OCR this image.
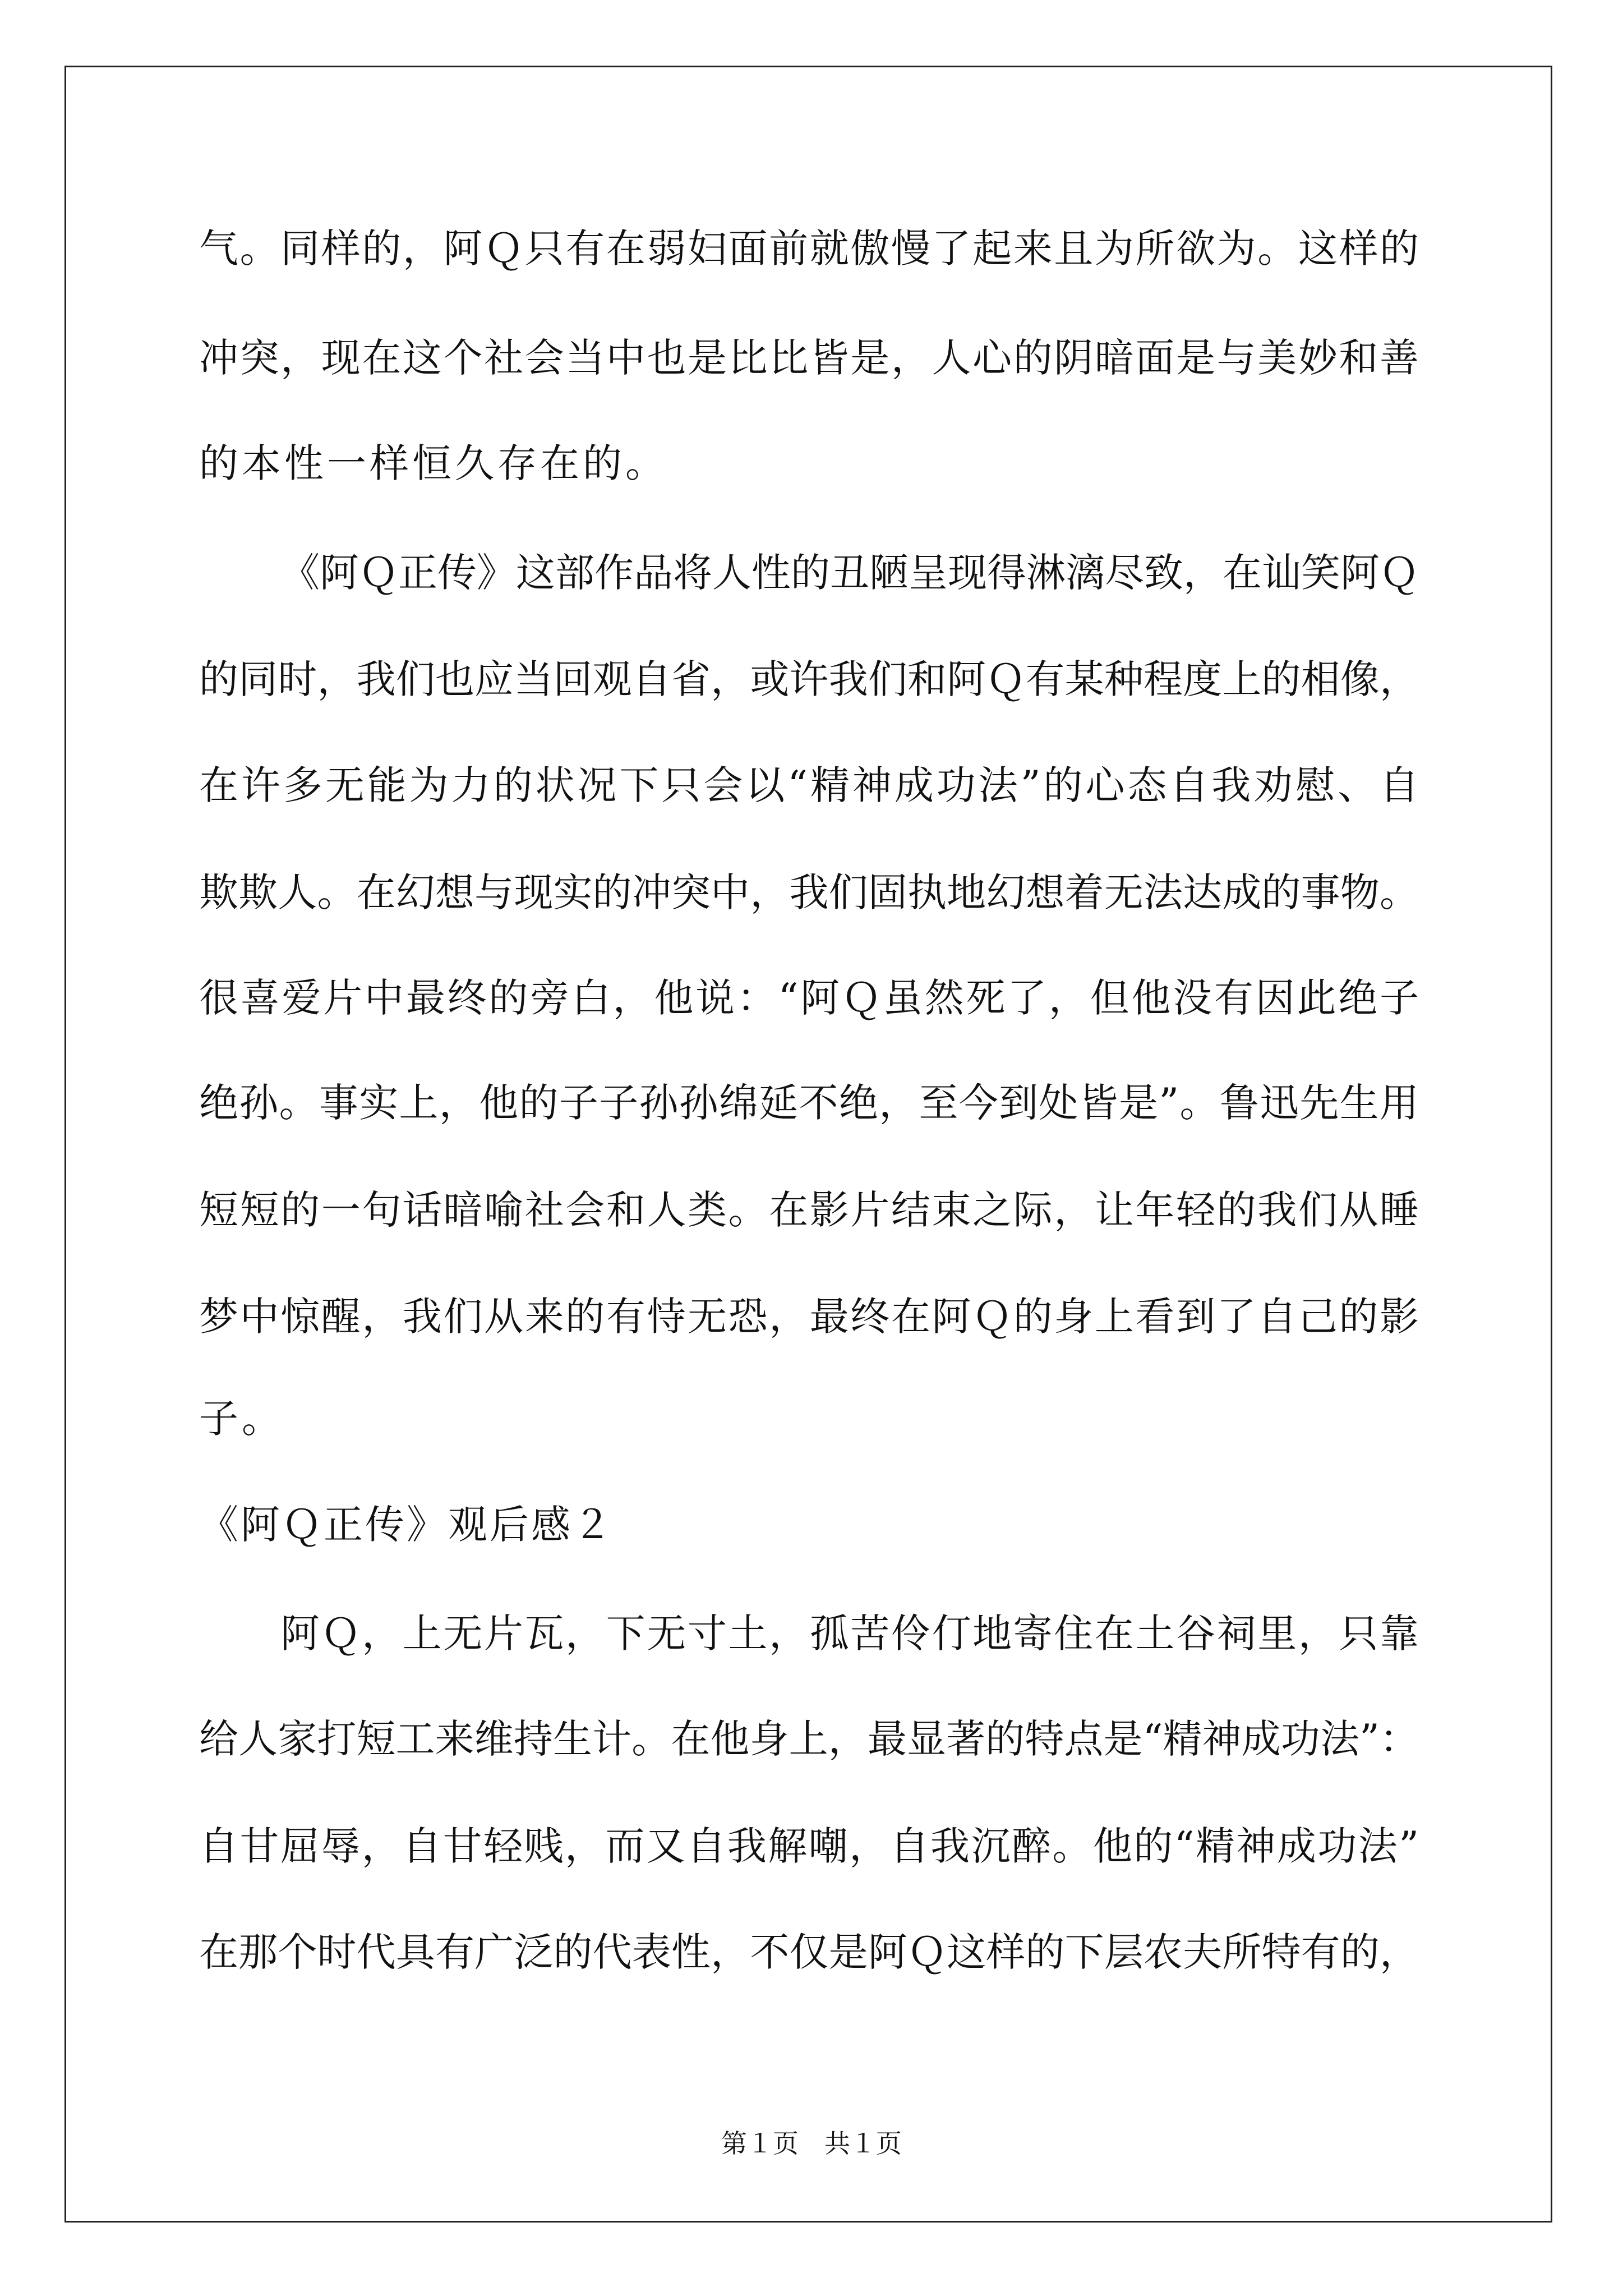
气。同样的，阿Ｑ只有在弱妇面前就傲慢了起来且为所欲为。这样的
冲突，现在这个社会当中也是比比皆是，人心的阴暗面是与美妙和善
的本性一样恒久存在的。
《阿Ｑ正传》这部作品将人性的丑陋呈现得淋漓尽致，在讪笑阿Ｑ
的同时，我们也应当回观自省，或许我们和阿Ｑ有某种程度上的相像，
在许多无能为力的状况下只会以“精神成功法”的心态自我劝慰、自
欺欺人。在幻想与现实的冲突中，我们固执地幻想着无法达成的事物。
很喜爱片中最终的旁白，他说：“阿Ｑ虽然死了，但他没有因此绝子
绝孙。事实上，他的子子孙孙绵延不绝，至今到处皆是”。鲁迅先生用
短短的一句话暗喻社会和人类。在影片结束之际，让年轻的我们从睡
梦中惊醒，我们从来的有恃无恐，最终在阿Ｑ的身上看到了自己的影
子。
《阿Ｑ正传》观后感２
阿Ｑ，上无片瓦，下无寸土，孤苦伶仃地寄住在土谷祠里，只靠
给人家打短工来维持生计。在他身上，最显著的特点是“精神成功法”：
自甘屈辱，自甘轻贱，而又自我解嘲，自我沉醉。他的“精神成功法”
在那个时代具有广泛的代表性，不仅是阿Ｑ这样的下层农夫所特有的，
第１页　共１页
